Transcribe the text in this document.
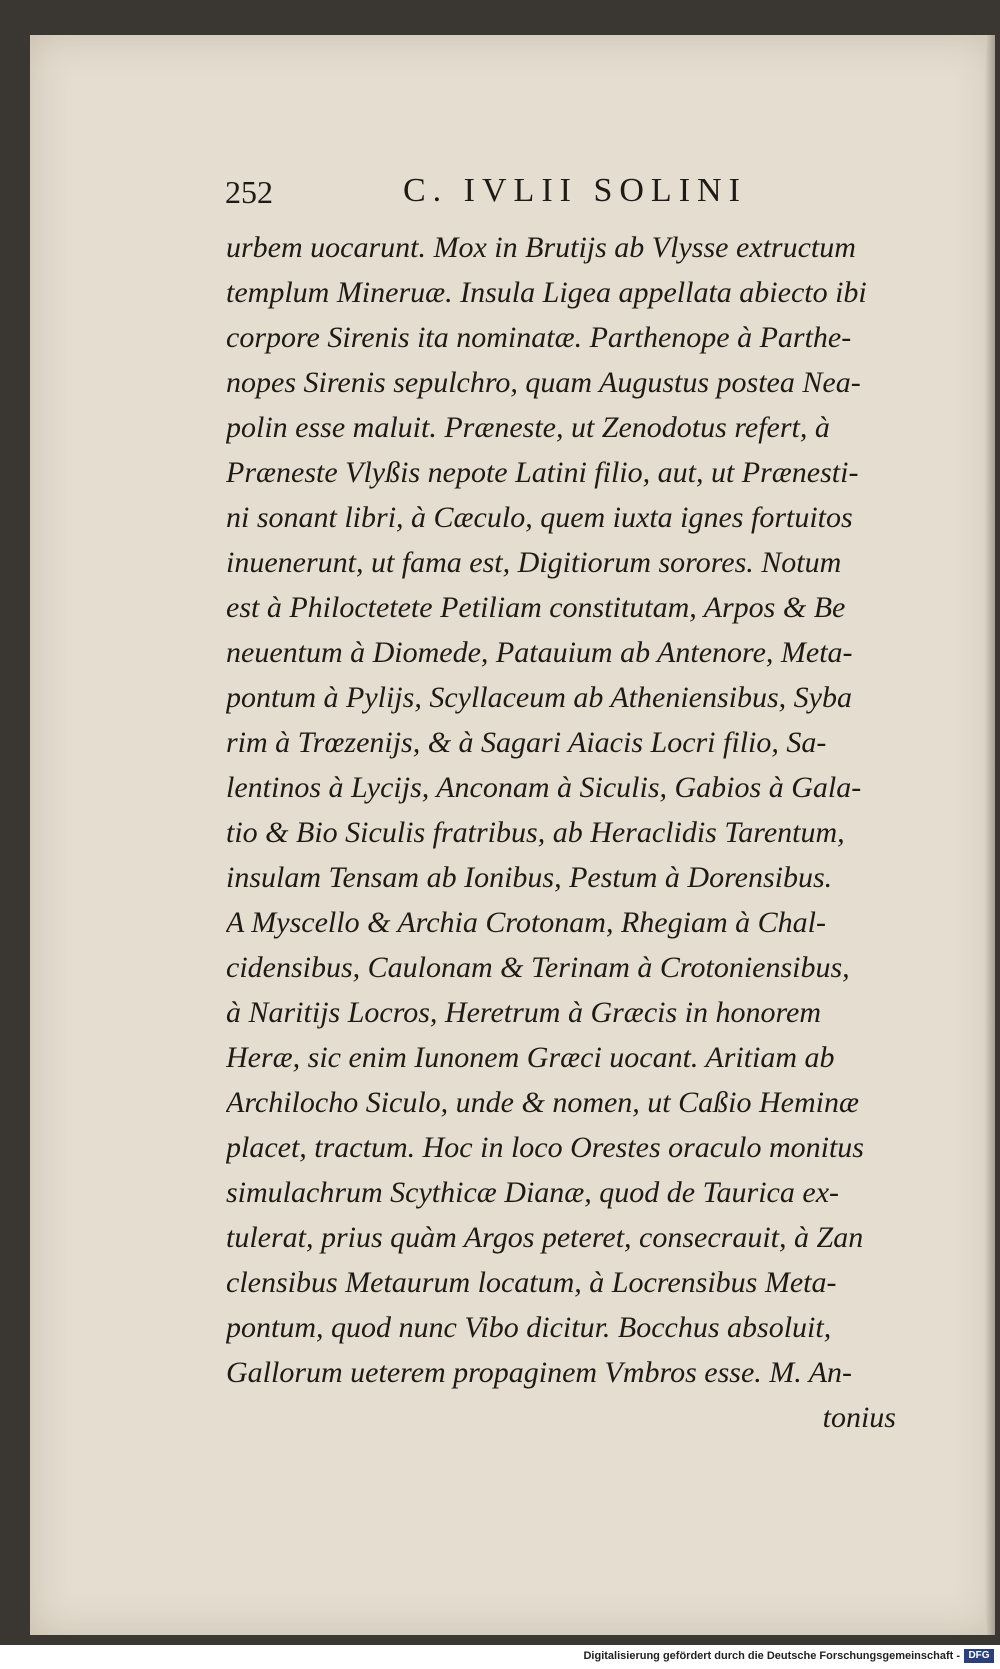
252	C. IVLII SOLINI
urbem uocarunt. Mox in Brutijs ab Vlysse extructum
templum Mineruæ. Insula Ligea appellata abiecto ibi
corpore Sirenis ita nominatæ. Parthenope à Parthe-
nopes Sirenis sepulchro, quam Augustus postea Nea-
polin esse maluit. Præneste, ut Zenodotus refert, à
Præneste Vlyßis nepote Latini filio, aut, ut Prænesti-
ni sonant libri, à Cæculo, quem iuxta ignes fortuitos
inuenerunt, ut fama est, Digitiorum sorores. Notum
est à Philoctetete Petiliam constitutam, Arpos & Be
neuentum à Diomede, Patauium ab Antenore, Meta-
pontum à Pylijs, Scyllaceum ab Atheniensibus, Syba
rim à Trœzenijs, & à Sagari Aiacis Locri filio, Sa-
lentinos à Lycijs, Anconam à Siculis, Gabios à Gala-
tio & Bio Siculis fratribus, ab Heraclidis Tarentum,
insulam Tensam ab Ionibus, Pestum à Dorensibus.
A Myscello & Archia Crotonam, Rhegiam à Chal-
cidensibus, Caulonam & Terinam à Crotoniensibus,
à Naritijs Locros, Heretrum à Græcis in honorem
Heræ, sic enim Iunonem Græci uocant. Aritiam ab
Archilocho Siculo, unde & nomen, ut Caßio Heminæ
placet, tractum. Hoc in loco Orestes oraculo monitus
simulachrum Scythicæ Dianæ, quod de Taurica ex-
tulerat, prius quàm Argos peteret, consecrauit, à Zan
clensibus Metaurum locatum, à Locrensibus Meta-
pontum, quod nunc Vibo dicitur. Bocchus absoluit,
Gallorum ueterem propaginem Vmbros esse. M. An-
tonius
Digitalisierung gefördert durch die Deutsche Forschungsgemeinschaft - DFG
